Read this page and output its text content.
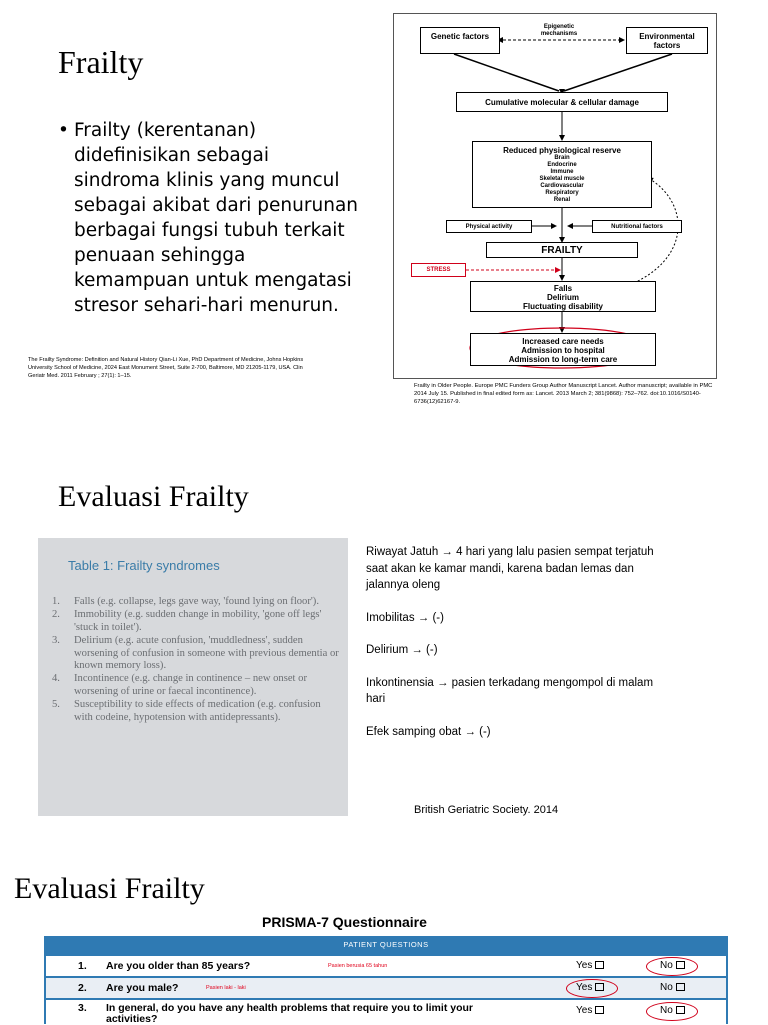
Frailty
• Frailty (kerentanan) didefinisikan sebagai sindroma klinis yang muncul sebagai akibat dari penurunan berbagai fungsi tubuh terkait penuaan sehingga kemampuan untuk mengatasi stresor sehari-hari menurun.
The Frailty Syndrome: Definition and Natural History Qian-Li Xue, PhD Department of Medicine, Johns Hopkins University School of Medicine, 2024 East Monument Street, Suite 2-700, Baltimore, MD 21205-1179, USA. Clin Geriatr Med. 2011 February ; 27(1): 1–15.
Genetic factors
Epigenetic mechanisms	Environmental factors
Cumulative molecular & cellular damage
Reduced physiological reserve
Brain
Endocrine
Immune
Skeletal muscle
Cardiovascular
Respiratory
Renal
Physical activity	Nutritional factors
FRAILTY
STRESS
Falls
Delirium
Fluctuating disability
Increased care needs
Admission to hospital
Admission to long-term care
Frailty in Older People. Europe PMC Funders Group Author Manuscript Lancet. Author manuscript; available in PMC 2014 July 15. Published in final edited form as: Lancet. 2013 March 2; 381(9868): 752–762. doi:10.1016/S0140-6736(12)62167-9.
Evaluasi Frailty
Table 1: Frailty syndromes
1. Falls (e.g. collapse, legs gave way, 'found lying on floor').
2. Immobility (e.g. sudden change in mobility, 'gone off legs' 'stuck in toilet').
3. Delirium (e.g. acute confusion, 'muddledness', sudden worsening of confusion in someone with previous dementia or known memory loss).
4. Incontinence (e.g. change in continence – new onset or worsening of urine or faecal incontinence).
5. Susceptibility to side effects of medication (e.g. confusion with codeine, hypotension with antidepressants).

Riwayat Jatuh → 4 hari yang lalu pasien sempat terjatuh saat akan ke kamar mandi, karena badan lemas dan jalannya oleng

Imobilitas → (-)

Delirium → (-)

Inkontinensia → pasien terkadang mengompol di malam hari

Efek samping obat → (-)

British Geriatric Society. 2014
Evaluasi Frailty
PRISMA-7 Questionnaire
PATIENT QUESTIONS
1. Are you older than 85 years?	Pasien berusia 65 tahun	Yes	No
2. Are you male?	Pasien laki - laki	Yes	No
3. In general, do you have any health problems that require you to limit your activities?
Yes	No
